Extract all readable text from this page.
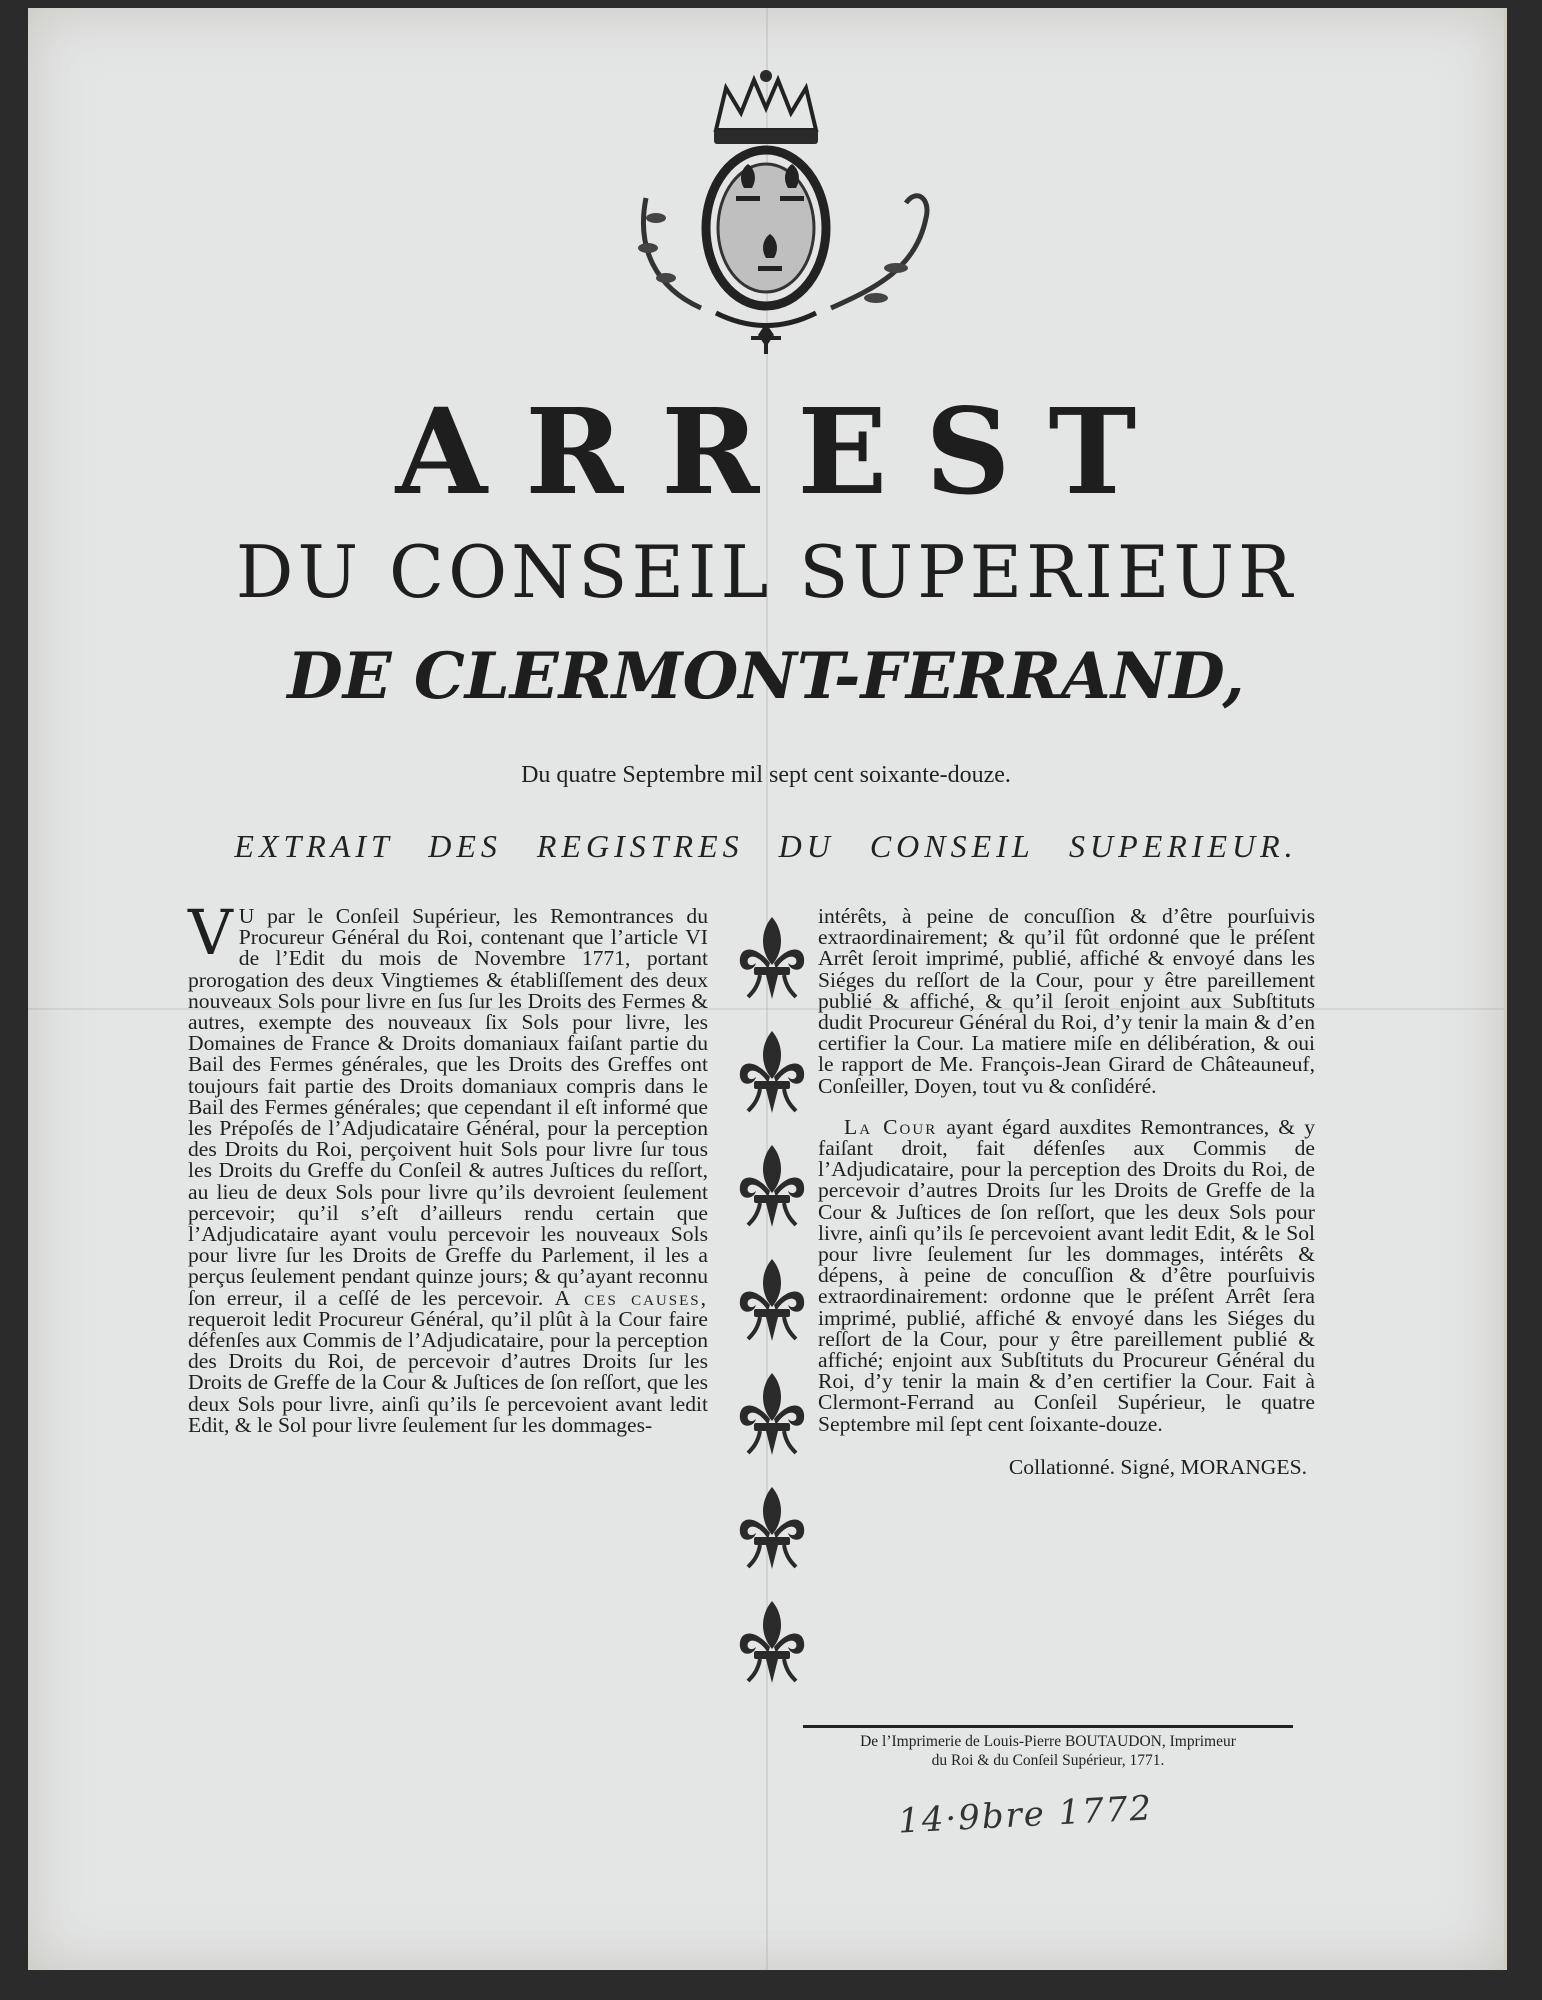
ARREST
DU CONSEIL SUPERIEUR
DE CLERMONT-FERRAND,
Du quatre Septembre mil sept cent soixante-douze.
EXTRAIT DES REGISTRES DU CONSEIL SUPERIEUR.
V U par le Conſeil Supérieur, les Remontrances du Procureur Général du Roi, contenant que l’article VI de l’Edit du mois de Novembre 1771, portant prorogation des deux Vingtiemes & établiſſement des deux nouveaux Sols pour livre en ſus ſur les Droits des Fermes & autres, exempte des nouveaux ſix Sols pour livre, les Domaines de France & Droits domaniaux faiſant partie du Bail des Fermes générales, que les Droits des Greffes ont toujours fait partie des Droits domaniaux compris dans le Bail des Fermes générales; que cependant il eſt informé que les Prépoſés de l’Adjudicataire Général, pour la perception des Droits du Roi, perçoivent huit Sols pour livre ſur tous les Droits du Greffe du Conſeil & autres Juſtices du reſſort, au lieu de deux Sols pour livre qu’ils devroient ſeulement percevoir; qu’il s’eſt d’ailleurs rendu certain que l’Adjudicataire ayant voulu percevoir les nouveaux Sols pour livre ſur les Droits de Greffe du Parlement, il les a perçus ſeulement pendant quinze jours; & qu’ayant reconnu ſon erreur, il a ceſſé de les percevoir. A ces causes, requeroit ledit Procureur Général, qu’il plût à la Cour faire défenſes aux Commis de l’Adjudicataire, pour la perception des Droits du Roi, de percevoir d’autres Droits ſur les Droits de Greffe de la Cour & Juſtices de ſon reſſort, que les deux Sols pour livre, ainſi qu’ils ſe percevoient avant ledit Edit, & le Sol pour livre ſeulement ſur les dommages-

intérêts, à peine de concuſſion & d’être pourſuivis extraordinairement; & qu’il fût ordonné que le préſent Arrêt ſeroit imprimé, publié, affiché & envoyé dans les Siéges du reſſort de la Cour, pour y être pareillement publié & affiché, & qu’il ſeroit enjoint aux Subſtituts dudit Procureur Général du Roi, d’y tenir la main & d’en certifier la Cour. La matiere miſe en délibération, & oui le rapport de Me. François-Jean Girard de Châteauneuf, Conſeiller, Doyen, tout vu & conſidéré.
La Cour ayant égard auxdites Remontrances, & y faiſant droit, fait défenſes aux Commis de l’Adjudicataire, pour la perception des Droits du Roi, de percevoir d’autres Droits ſur les Droits de Greffe de la Cour & Juſtices de ſon reſſort, que les deux Sols pour livre, ainſi qu’ils ſe percevoient avant ledit Edit, & le Sol pour livre ſeulement ſur les dommages, intérêts & dépens, à peine de concuſſion & d’être pourſuivis extraordinairement: ordonne que le préſent Arrêt ſera imprimé, publié, affiché & envoyé dans les Siéges du reſſort de la Cour, pour y être pareillement publié & affiché; enjoint aux Subſtituts du Procureur Général du Roi, d’y tenir la main & d’en certifier la Cour. Fait à Clermont-Ferrand au Conſeil Supérieur, le quatre Septembre mil ſept cent ſoixante-douze.
Collationné. Signé, MORANGES.
De l’Imprimerie de Louis-Pierre BOUTAUDON, Imprimeur
du Roi & du Conſeil Supérieur, 1771.
14·9bre 1772
